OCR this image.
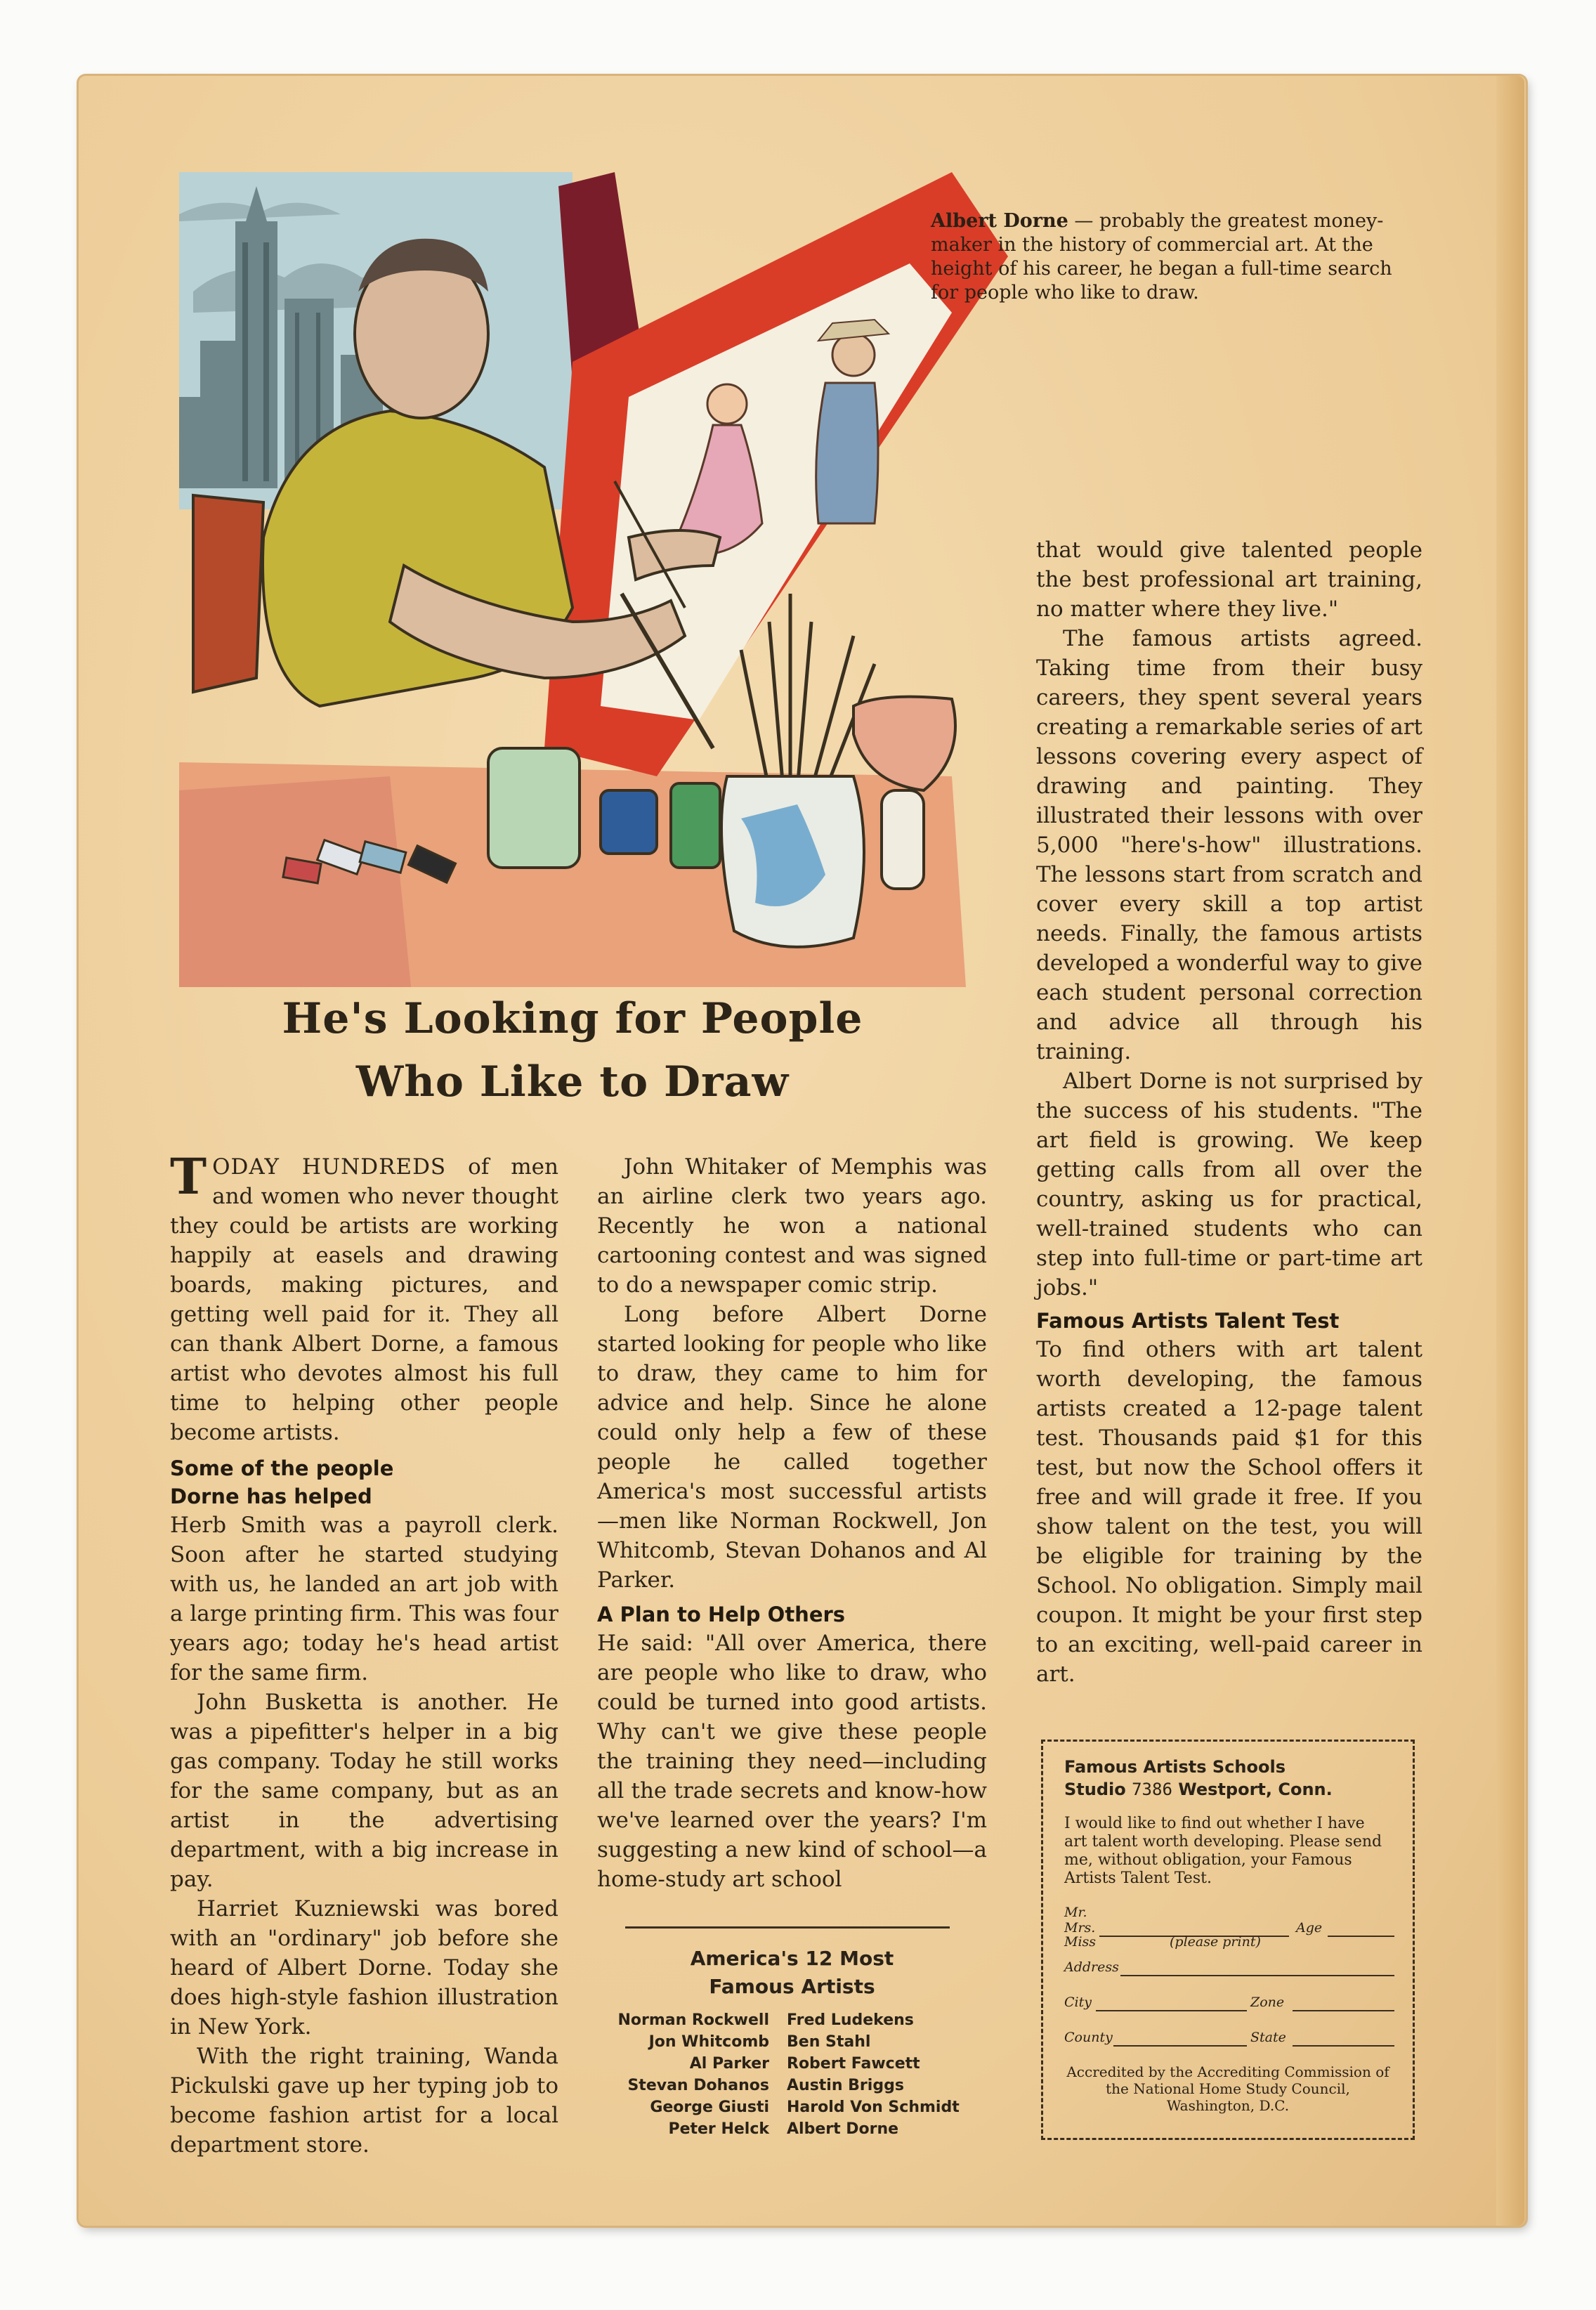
Albert Dorne — probably the greatest money-maker in the history of commercial art. At the height of his career, he began a full-time search for people who like to draw.
He's Looking for People
Who Like to Draw

TODAY HUNDREDS of men and women who never thought they could be artists are working happily at easels and drawing boards, making pictures, and getting well paid for it. They all can thank Albert Dorne, a famous artist who devotes almost his full time to helping other people become artists.

Some of the people
Dorne has helped

Herb Smith was a payroll clerk. Soon after he started studying with us, he landed an art job with a large printing firm. This was four years ago; today he's head artist for the same firm.

John Busketta is another. He was a pipefitter's helper in a big gas company. Today he still works for the same company, but as an artist in the advertising department, with a big increase in pay.

Harriet Kuzniewski was bored with an "ordinary" job before she heard of Albert Dorne. Today she does high-style fashion illustration in New York.

With the right training, Wanda Pickulski gave up her typing job to become fashion artist for a local department store.

John Whitaker of Memphis was an airline clerk two years ago. Recently he won a national cartooning contest and was signed to do a newspaper comic strip.

Long before Albert Dorne started looking for people who like to draw, they came to him for advice and help. Since he alone could only help a few of these people he called together America's most successful artists —men like Norman Rockwell, Jon Whitcomb, Stevan Dohanos and Al Parker.

A Plan to Help Others

He said: "All over America, there are people who like to draw, who could be turned into good artists. Why can't we give these people the training they need—including all the trade secrets and know-how we've learned over the years? I'm suggesting a new kind of school—a home-study art school

America's 12 Most
Famous Artists
Norman Rockwell	Fred Ludekens
Jon Whitcomb	Ben Stahl
Al Parker	Robert Fawcett
Stevan Dohanos	Austin Briggs
George Giusti	Harold Von Schmidt
Peter Helck	Albert Dorne

that would give talented people the best professional art training, no matter where they live."

The famous artists agreed. Taking time from their busy careers, they spent several years creating a remarkable series of art lessons covering every aspect of drawing and painting. They illustrated their lessons with over 5,000 "here's-how" illustrations. The lessons start from scratch and cover every skill a top artist needs. Finally, the famous artists developed a wonderful way to give each student personal correction and advice all through his training.

Albert Dorne is not surprised by the success of his students. "The art field is growing. We keep getting calls from all over the country, asking us for practical, well-trained students who can step into full-time or part-time art jobs."

Famous Artists Talent Test

To find others with art talent worth developing, the famous artists created a 12-page talent test. Thousands paid $1 for this test, but now the School offers it free and will grade it free. If you show talent on the test, you will be eligible for training by the School. No obligation. Simply mail coupon. It might be your first step to an exciting, well-paid career in art.

Famous Artists Schools
Studio 7386 Westport, Conn.
I would like to find out whether I have art talent worth developing. Please send me, without obligation, your Famous Artists Talent Test.
Mr.
Mrs.	Age
Miss	(please print)
Address
City	Zone
County	State
Accredited by the Accrediting Commission of the National Home Study Council, Washington, D.C.
